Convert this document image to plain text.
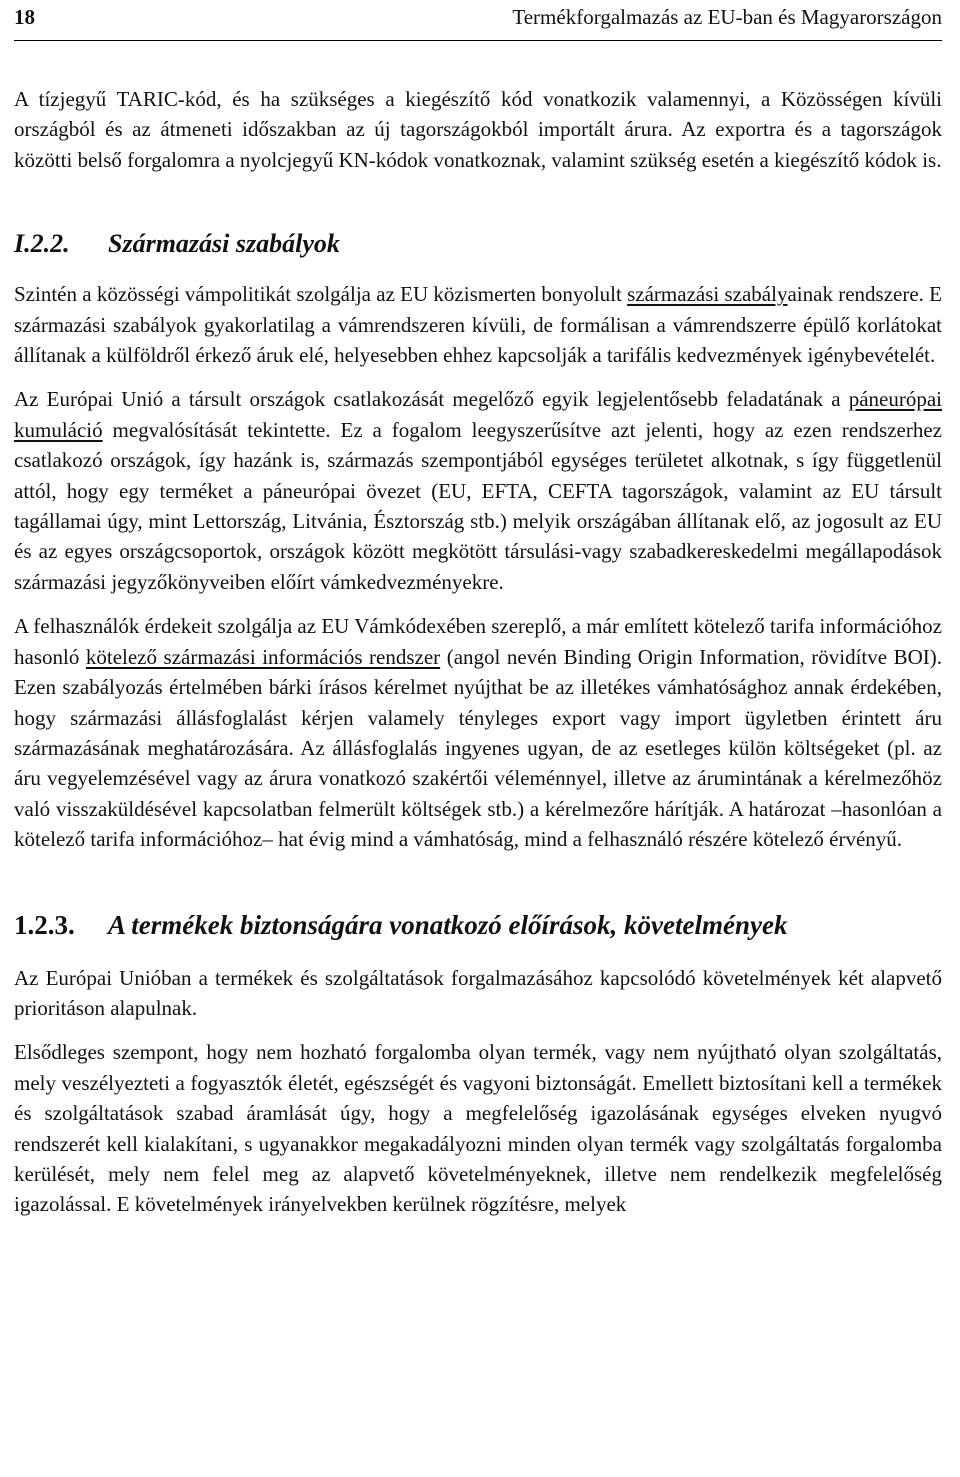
18	Termékforgalmazás az EU-ban és Magyarországon

A tízjegyű TARIC-kód, és ha szükséges a kiegészítő kód vonatkozik valamennyi, a Közösségen kívüli országból és az átmeneti időszakban az új tagországokból importált árura. Az exportra és a tagországok közötti belső forgalomra a nyolcjegyű KN-kódok vonatkoznak, valamint szükség esetén a kiegészítő kódok is.

I.2.2. Származási szabályok

Szintén a közösségi vámpolitikát szolgálja az EU közismerten bonyolult származási szabályainak rendszere. E származási szabályok gyakorlatilag a vámrendszeren kívüli, de formálisan a vámrendszerre épülő korlátokat állítanak a külföldről érkező áruk elé, helyesebben ehhez kapcsolják a tarifális kedvezmények igénybevételét.

Az Európai Unió a társult országok csatlakozását megelőző egyik legjelentősebb feladatának a páneurópai kumuláció megvalósítását tekintette. Ez a fogalom leegyszerűsítve azt jelenti, hogy az ezen rendszerhez csatlakozó országok, így hazánk is, származás szempontjából egységes területet alkotnak, s így függetlenül attól, hogy egy terméket a páneurópai övezet (EU, EFTA, CEFTA tagországok, valamint az EU társult tagállamai úgy, mint Lettország, Litvánia, Észtország stb.) melyik országában állítanak elő, az jogosult az EU és az egyes országcsoportok, országok között megkötött társulási-vagy szabadkereskedelmi megállapodások származási jegyzőkönyveiben előírt vámkedvezményekre.

A felhasználók érdekeit szolgálja az EU Vámkódexében szereplő, a már említett kötelező tarifa információhoz hasonló kötelező származási információs rendszer (angol nevén Binding Origin Information, rövidítve BOI). Ezen szabályozás értelmében bárki írásos kérelmet nyújthat be az illetékes vámhatósághoz annak érdekében, hogy származási állásfoglalást kérjen valamely tényleges export vagy import ügyletben érintett áru származásának meghatározására. Az állásfoglalás ingyenes ugyan, de az esetleges külön költségeket (pl. az áru vegyelemzésével vagy az árura vonatkozó szakértői véleménnyel, illetve az árumintának a kérelmezőhöz való visszaküldésével kapcsolatban felmerült költségek stb.) a kérelmezőre hárítják. A határozat –hasonlóan a kötelező tarifa információhoz– hat évig mind a vámhatóság, mind a felhasználó részére kötelező érvényű.

1.2.3. A termékek biztonságára vonatkozó előírások, követelmények

Az Európai Unióban a termékek és szolgáltatások forgalmazásához kapcsolódó követelmények két alapvető prioritáson alapulnak.

Elsődleges szempont, hogy nem hozható forgalomba olyan termék, vagy nem nyújtható olyan szolgáltatás, mely veszélyezteti a fogyasztók életét, egészségét és vagyoni biztonságát. Emellett biztosítani kell a termékek és szolgáltatások szabad áramlását úgy, hogy a megfelelőség igazolásának egységes elveken nyugvó rendszerét kell kialakítani, s ugyanakkor megakadályozni minden olyan termék vagy szolgáltatás forgalomba kerülését, mely nem felel meg az alapvető követelményeknek, illetve nem rendelkezik megfelelőség igazolással. E követelmények irányelvekben kerülnek rögzítésre, melyek
